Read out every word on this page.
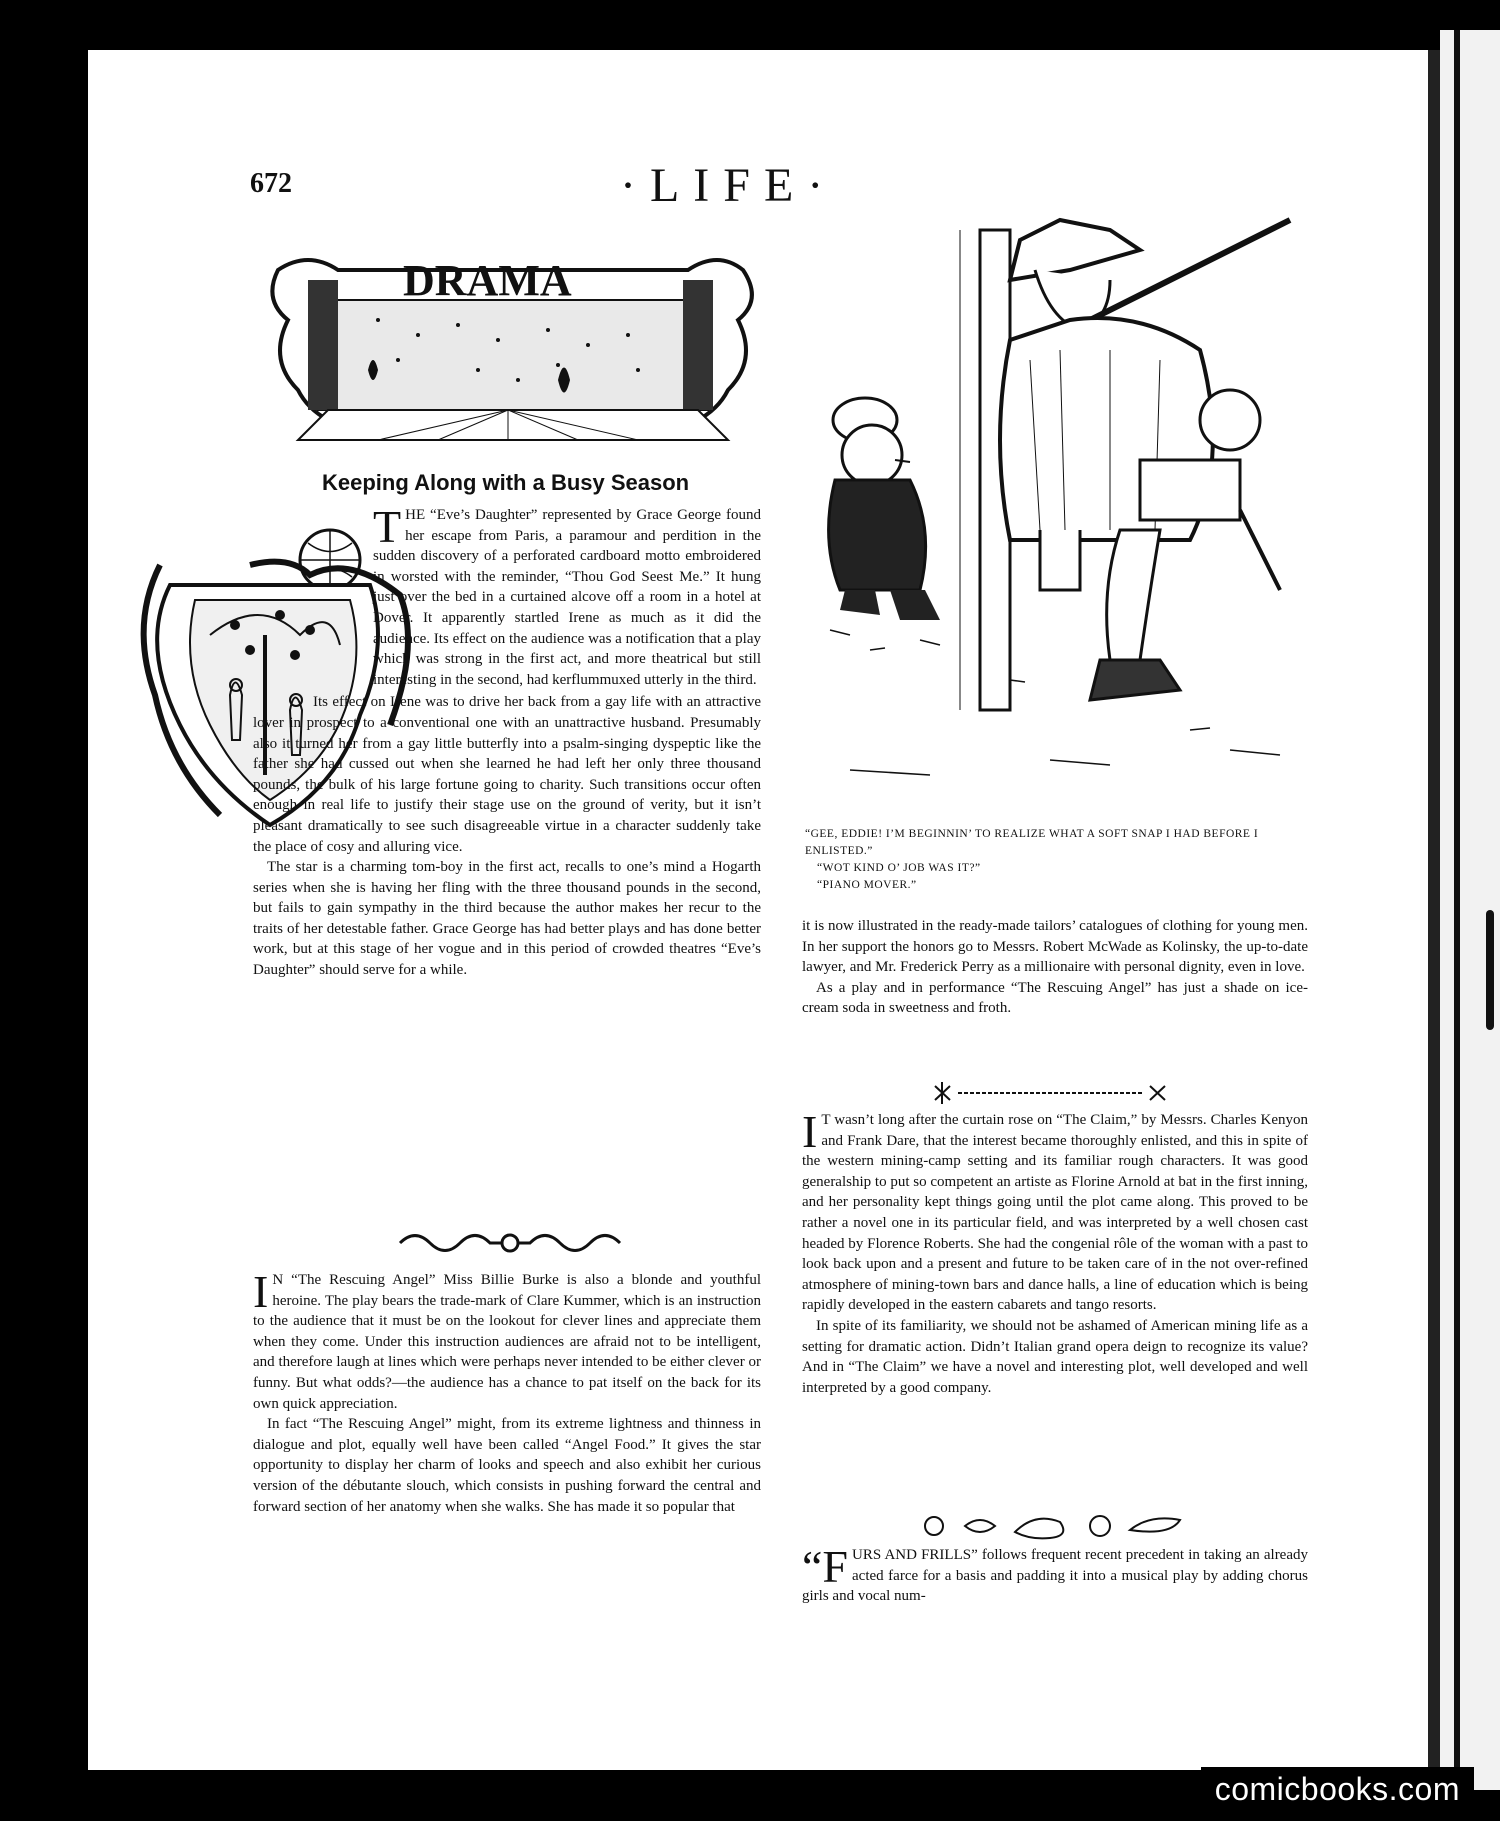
672	·LIFE·
DRAMA
Keeping Along with a Busy Season

THE “Eve’s Daughter” represented by Grace George found her escape from Paris, a paramour and perdition in the sudden discovery of a perforated cardboard motto embroidered in worsted with the reminder, “Thou God Seest Me.” It hung just over the bed in a curtained alcove off a room in a hotel at Dover. It apparently startled Irene as much as it did the audience. Its effect on the audience was a notification that a play which was strong in the first act, and more theatrical but still interesting in the second, had kerflummuxed utterly in the third.

Its effect on Irene was to drive her back from a gay life with an attractive lover in prospect to a conventional one with an unattractive husband. Presumably also it turned her from a gay little butterfly into a psalm-singing dyspeptic like the father she had cussed out when she learned he had left her only three thousand pounds, the bulk of his large fortune going to charity. Such transitions occur often enough in real life to justify their stage use on the ground of verity, but it isn’t pleasant dramatically to see such disagreeable virtue in a character suddenly take the place of cosy and alluring vice.

The star is a charming tom-boy in the first act, recalls to one’s mind a Hogarth series when she is having her fling with the three thousand pounds in the second, but fails to gain sympathy in the third because the author makes her recur to the traits of her detestable father. Grace George has had better plays and has done better work, but at this stage of her vogue and in this period of crowded theatres “Eve’s Daughter” should serve for a while.

I N “The Rescuing Angel” Miss Billie Burke is also a blonde and youthful heroine. The play bears the trade-mark of Clare Kummer, which is an instruction to the audience that it must be on the lookout for clever lines and appreciate them when they come. Under this instruction audiences are afraid not to be intelligent, and therefore laugh at lines which were perhaps never intended to be either clever or funny. But what odds?—the audience has a chance to pat itself on the back for its own quick appreciation.

In fact “The Rescuing Angel” might, from its extreme lightness and thinness in dialogue and plot, equally well have been called “Angel Food.” It gives the star opportunity to display her charm of looks and speech and also exhibit her curious version of the débutante slouch, which consists in pushing forward the central and forward section of her anatomy when she walks. She has made it so popular that

“GEE, EDDIE! I’M BEGINNIN’ TO REALIZE WHAT A SOFT SNAP I HAD BEFORE I ENLISTED.”
“WOT KIND O’ JOB WAS IT?”
“PIANO MOVER.”

it is now illustrated in the ready-made tailors’ catalogues of clothing for young men. In her support the honors go to Messrs. Robert McWade as Kolinsky, the up-to-date lawyer, and Mr. Frederick Perry as a millionaire with personal dignity, even in love.

As a play and in performance “The Rescuing Angel” has just a shade on ice-cream soda in sweetness and froth.

I T wasn’t long after the curtain rose on “The Claim,” by Messrs. Charles Kenyon and Frank Dare, that the interest became thoroughly enlisted, and this in spite of the western mining-camp setting and its familiar rough characters. It was good generalship to put so competent an artiste as Florine Arnold at bat in the first inning, and her personality kept things going until the plot came along. This proved to be rather a novel one in its particular field, and was interpreted by a well chosen cast headed by Florence Roberts. She had the congenial rôle of the woman with a past to look back upon and a present and future to be taken care of in the not over-refined atmosphere of mining-town bars and dance halls, a line of education which is being rapidly developed in the eastern cabarets and tango resorts.

In spite of its familiarity, we should not be ashamed of American mining life as a setting for dramatic action. Didn’t Italian grand opera deign to recognize its value? And in “The Claim” we have a novel and interesting plot, well developed and well interpreted by a good company.

“FURS AND FRILLS” follows frequent recent precedent in taking an already acted farce for a basis and padding it into a musical play by adding chorus girls and vocal num-

comicbooks.com
